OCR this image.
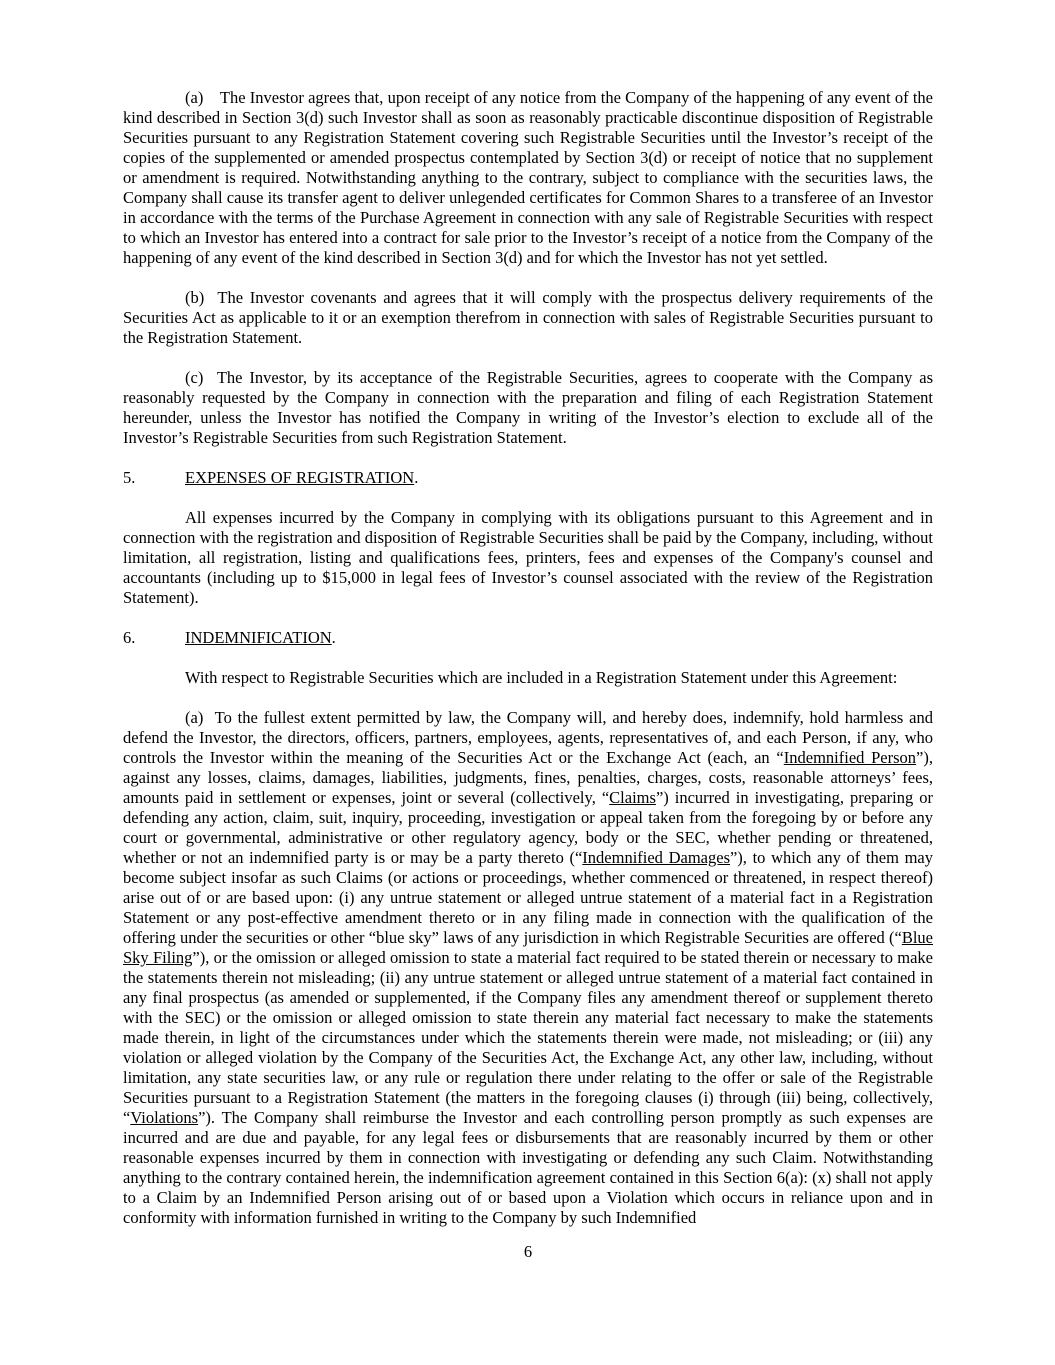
(a)    The Investor agrees that, upon receipt of any notice from the Company of the happening of any event of the kind described in Section 3(d) such Investor shall as soon as reasonably practicable discontinue disposition of Registrable Securities pursuant to any Registration Statement covering such Registrable Securities until the Investor’s receipt of the copies of the supplemented or amended prospectus contemplated by Section 3(d) or receipt of notice that no supplement or amendment is required. Notwithstanding anything to the contrary, subject to compliance with the securities laws, the Company shall cause its transfer agent to deliver unlegended certificates for Common Shares to a transferee of an Investor in accordance with the terms of the Purchase Agreement in connection with any sale of Registrable Securities with respect to which an Investor has entered into a contract for sale prior to the Investor’s receipt of a notice from the Company of the happening of any event of the kind described in Section 3(d) and for which the Investor has not yet settled.

(b)  The Investor covenants and agrees that it will comply with the prospectus delivery requirements of the Securities Act as applicable to it or an exemption therefrom in connection with sales of Registrable Securities pursuant to the Registration Statement.

(c)  The Investor, by its acceptance of the Registrable Securities, agrees to cooperate with the Company as reasonably requested by the Company in connection with the preparation and filing of each Registration Statement hereunder, unless the Investor has notified the Company in writing of the Investor’s election to exclude all of the Investor’s Registrable Securities from such Registration Statement.

5.	EXPENSES OF REGISTRATION.

All expenses incurred by the Company in complying with its obligations pursuant to this Agreement and in connection with the registration and disposition of Registrable Securities shall be paid by the Company, including, without limitation, all registration, listing and qualifications fees, printers, fees and expenses of the Company's counsel and accountants (including up to $15,000 in legal fees of Investor’s counsel associated with the review of the Registration Statement).

6.	INDEMNIFICATION.

With respect to Registrable Securities which are included in a Registration Statement under this Agreement:

(a)  To the fullest extent permitted by law, the Company will, and hereby does, indemnify, hold harmless and defend the Investor, the directors, officers, partners, employees, agents, representatives of, and each Person, if any, who controls the Investor within the meaning of the Securities Act or the Exchange Act (each, an “Indemnified Person”), against any losses, claims, damages, liabilities, judgments, fines, penalties, charges, costs, reasonable attorneys’ fees, amounts paid in settlement or expenses, joint or several (collectively, “Claims”) incurred in investigating, preparing or defending any action, claim, suit, inquiry, proceeding, investigation or appeal taken from the foregoing by or before any court or governmental, administrative or other regulatory agency, body or the SEC, whether pending or threatened, whether or not an indemnified party is or may be a party thereto (“Indemnified Damages”), to which any of them may become subject insofar as such Claims (or actions or proceedings, whether commenced or threatened, in respect thereof) arise out of or are based upon: (i) any untrue statement or alleged untrue statement of a material fact in a Registration Statement or any post-effective amendment thereto or in any filing made in connection with the qualification of the offering under the securities or other “blue sky” laws of any jurisdiction in which Registrable Securities are offered (“Blue Sky Filing”), or the omission or alleged omission to state a material fact required to be stated therein or necessary to make the statements therein not misleading; (ii) any untrue statement or alleged untrue statement of a material fact contained in any final prospectus (as amended or supplemented, if the Company files any amendment thereof or supplement thereto with the SEC) or the omission or alleged omission to state therein any material fact necessary to make the statements made therein, in light of the circumstances under which the statements therein were made, not misleading; or (iii) any violation or alleged violation by the Company of the Securities Act, the Exchange Act, any other law, including, without limitation, any state securities law, or any rule or regulation there under relating to the offer or sale of the Registrable Securities pursuant to a Registration Statement (the matters in the foregoing clauses (i) through (iii) being, collectively, “Violations”). The Company shall reimburse the Investor and each controlling person promptly as such expenses are incurred and are due and payable, for any legal fees or disbursements that are reasonably incurred by them or other reasonable expenses incurred by them in connection with investigating or defending any such Claim. Notwithstanding anything to the contrary contained herein, the indemnification agreement contained in this Section 6(a): (x) shall not apply to a Claim by an Indemnified Person arising out of or based upon a Violation which occurs in reliance upon and in conformity with information furnished in writing to the Company by such Indemnified

6
